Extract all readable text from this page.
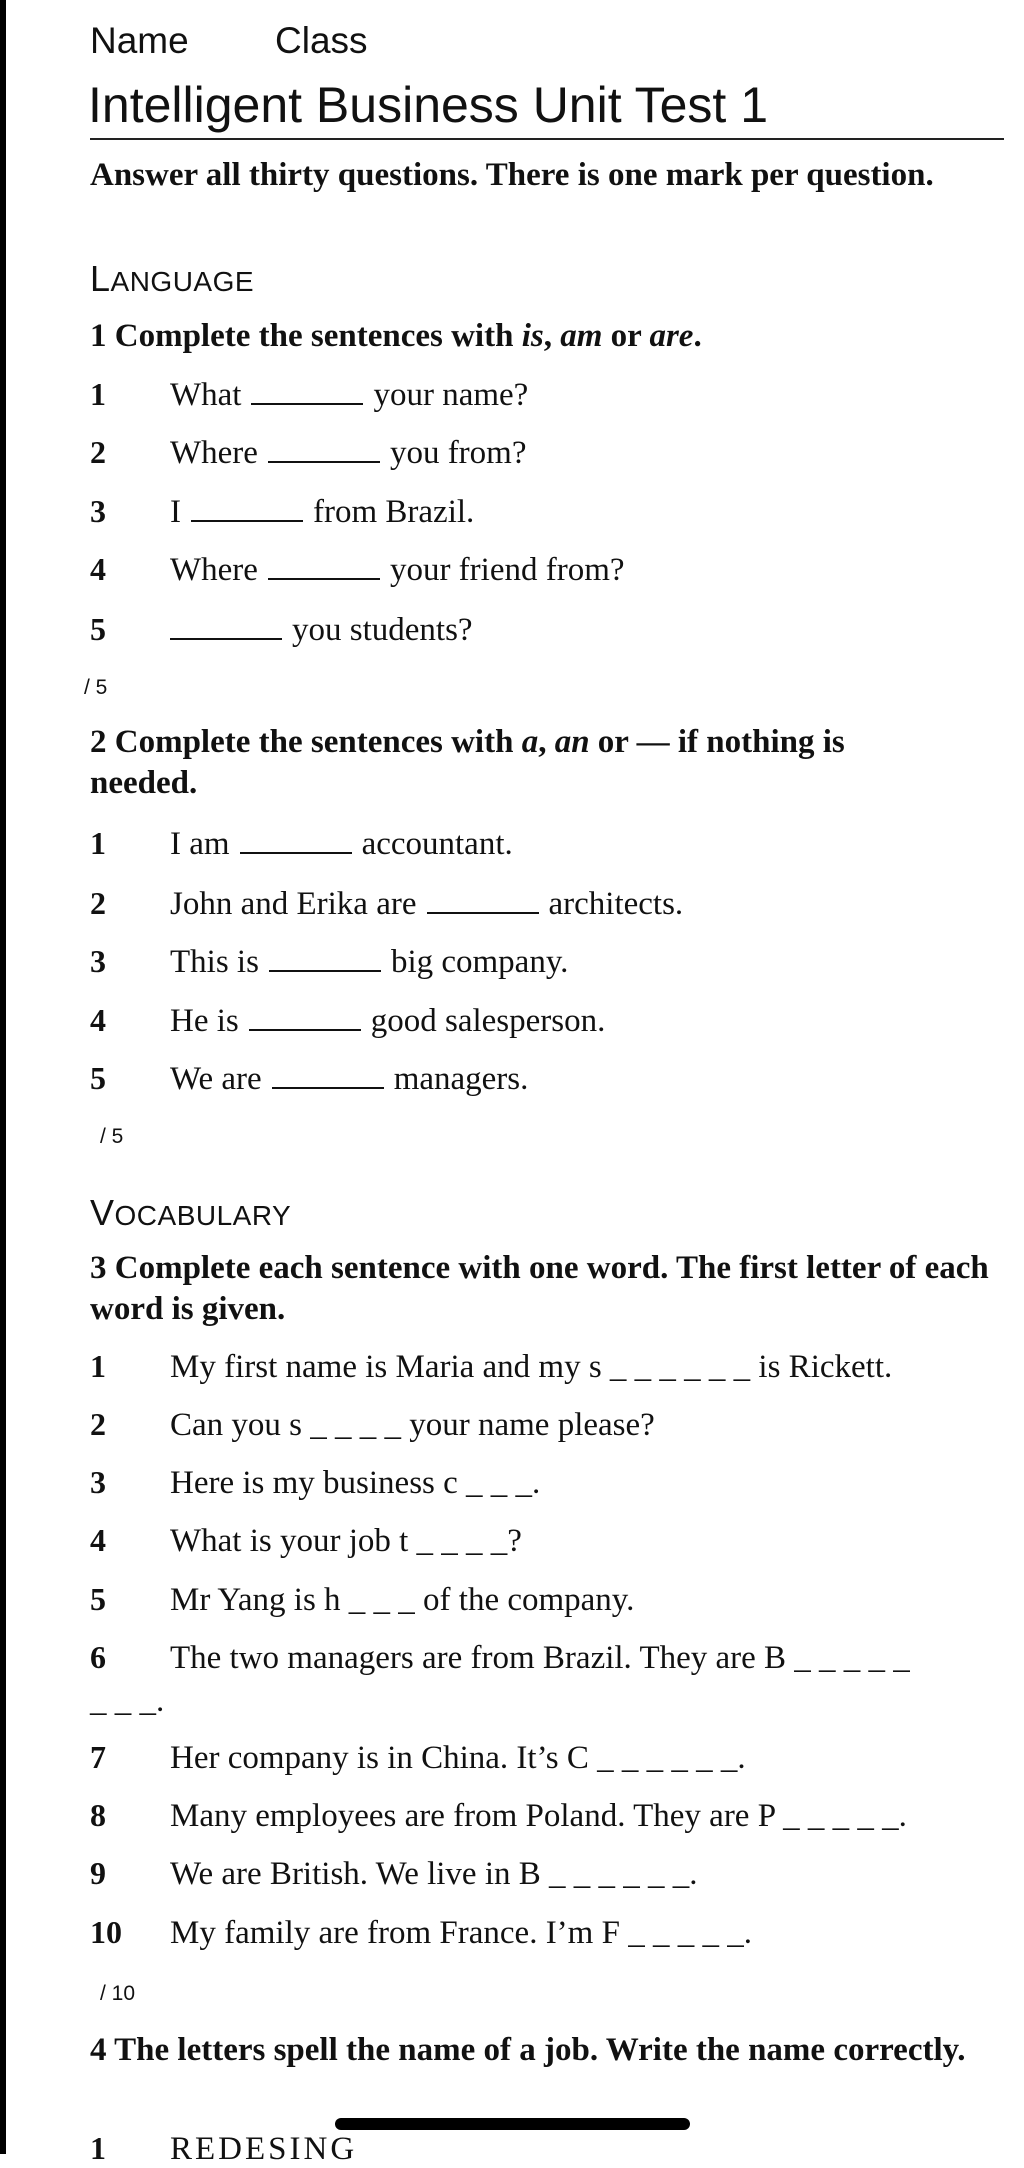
Name Class
Intelligent Business Unit Test 1
Answer all thirty questions. There is one mark per question.
LANGUAGE
1 Complete the sentences with is, am or are.
1 What	your name?
2 Where	you from?
3 I	from Brazil.
4 Where	your friend from?
5	you students?
/ 5
2 Complete the sentences with a, an or — if nothing is needed.
1 I am	accountant.
2 John and Erika are	architects.
3 This is	big company.
4 He is	good salesperson.
5 We are	managers.
/ 5
VOCABULARY
3 Complete each sentence with one word. The first letter of each word is given.
1 My first name is Maria and my s _ _ _ _ _ _ is Rickett.
2 Can you s _ _ _ _ your name please?
3 Here is my business c _ _ _.
4 What is your job t _ _ _ _?
5 Mr Yang is h _ _ _ of the company.
6 The two managers are from Brazil. They are B _ _ _ _ _
_ _ _.
7 Her company is in China. It’s C _ _ _ _ _ _.
8 Many employees are from Poland. They are P _ _ _ _ _.
9 We are British. We live in B _ _ _ _ _ _.
10 My family are from France. I’m F _ _ _ _ _.
/ 10
4 The letters spell the name of a job. Write the name correctly.
1 REDESING
